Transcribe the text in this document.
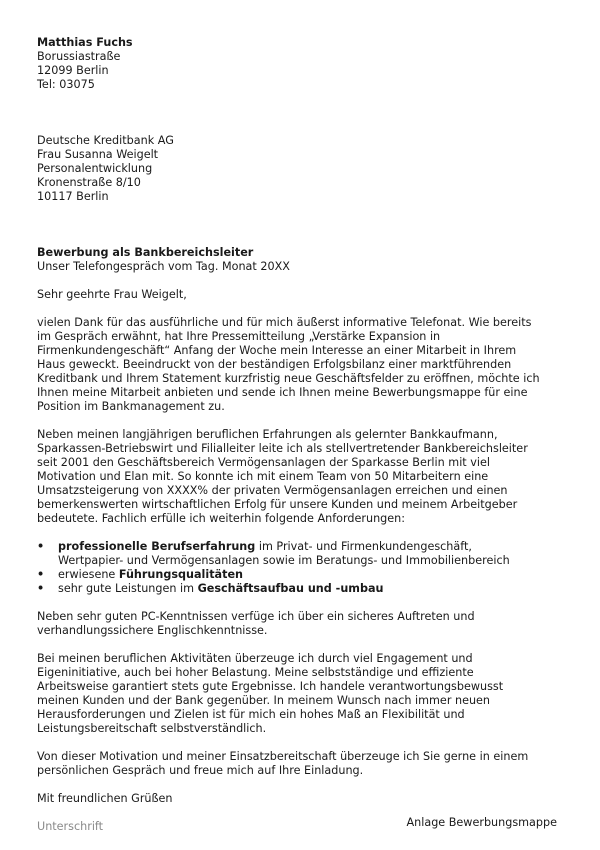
Matthias Fuchs
Borussiastraße
12099 Berlin
Tel: 03075
Deutsche Kreditbank AG
Frau Susanna Weigelt
Personalentwicklung
Kronenstraße 8/10
10117 Berlin
Bewerbung als Bankbereichsleiter
Unser Telefongespräch vom Tag. Monat 20XX
Sehr geehrte Frau Weigelt,

vielen Dank für das ausführliche und für mich äußerst informative Telefonat. Wie bereits
im Gespräch erwähnt, hat Ihre Pressemitteilung „Verstärke Expansion in
Firmenkundengeschäft“ Anfang der Woche mein Interesse an einer Mitarbeit in Ihrem
Haus geweckt. Beeindruckt von der beständigen Erfolgsbilanz einer marktführenden
Kreditbank und Ihrem Statement kurzfristig neue Geschäftsfelder zu eröffnen, möchte ich
Ihnen meine Mitarbeit anbieten und sende ich Ihnen meine Bewerbungsmappe für eine
Position im Bankmanagement zu.

Neben meinen langjährigen beruflichen Erfahrungen als gelernter Bankkaufmann,
Sparkassen-Betriebswirt und Filialleiter leite ich als stellvertretender Bankbereichsleiter
seit 2001 den Geschäftsbereich Vermögensanlagen der Sparkasse Berlin mit viel
Motivation und Elan mit. So konnte ich mit einem Team von 50 Mitarbeitern eine
Umsatzsteigerung von XXXX% der privaten Vermögensanlagen erreichen und einen
bemerkenswerten wirtschaftlichen Erfolg für unsere Kunden und meinem Arbeitgeber
bedeutete. Fachlich erfülle ich weiterhin folgende Anforderungen:

• professionelle Berufserfahrung im Privat- und Firmenkundengeschäft,
Wertpapier- und Vermögensanlagen sowie im Beratungs- und Immobilienbereich
• erwiesene Führungsqualitäten
• sehr gute Leistungen im Geschäftsaufbau und -umbau

Neben sehr guten PC-Kenntnissen verfüge ich über ein sicheres Auftreten und
verhandlungssichere Englischkenntnisse.

Bei meinen beruflichen Aktivitäten überzeuge ich durch viel Engagement und
Eigeninitiative, auch bei hoher Belastung. Meine selbstständige und effiziente
Arbeitsweise garantiert stets gute Ergebnisse. Ich handele verantwortungsbewusst
meinen Kunden und der Bank gegenüber. In meinem Wunsch nach immer neuen
Herausforderungen und Zielen ist für mich ein hohes Maß an Flexibilität und
Leistungsbereitschaft selbstverständlich.

Von dieser Motivation und meiner Einsatzbereitschaft überzeuge ich Sie gerne in einem
persönlichen Gespräch und freue mich auf Ihre Einladung.

Mit freundlichen Grüßen
Unterschrift	Anlage Bewerbungsmappe
